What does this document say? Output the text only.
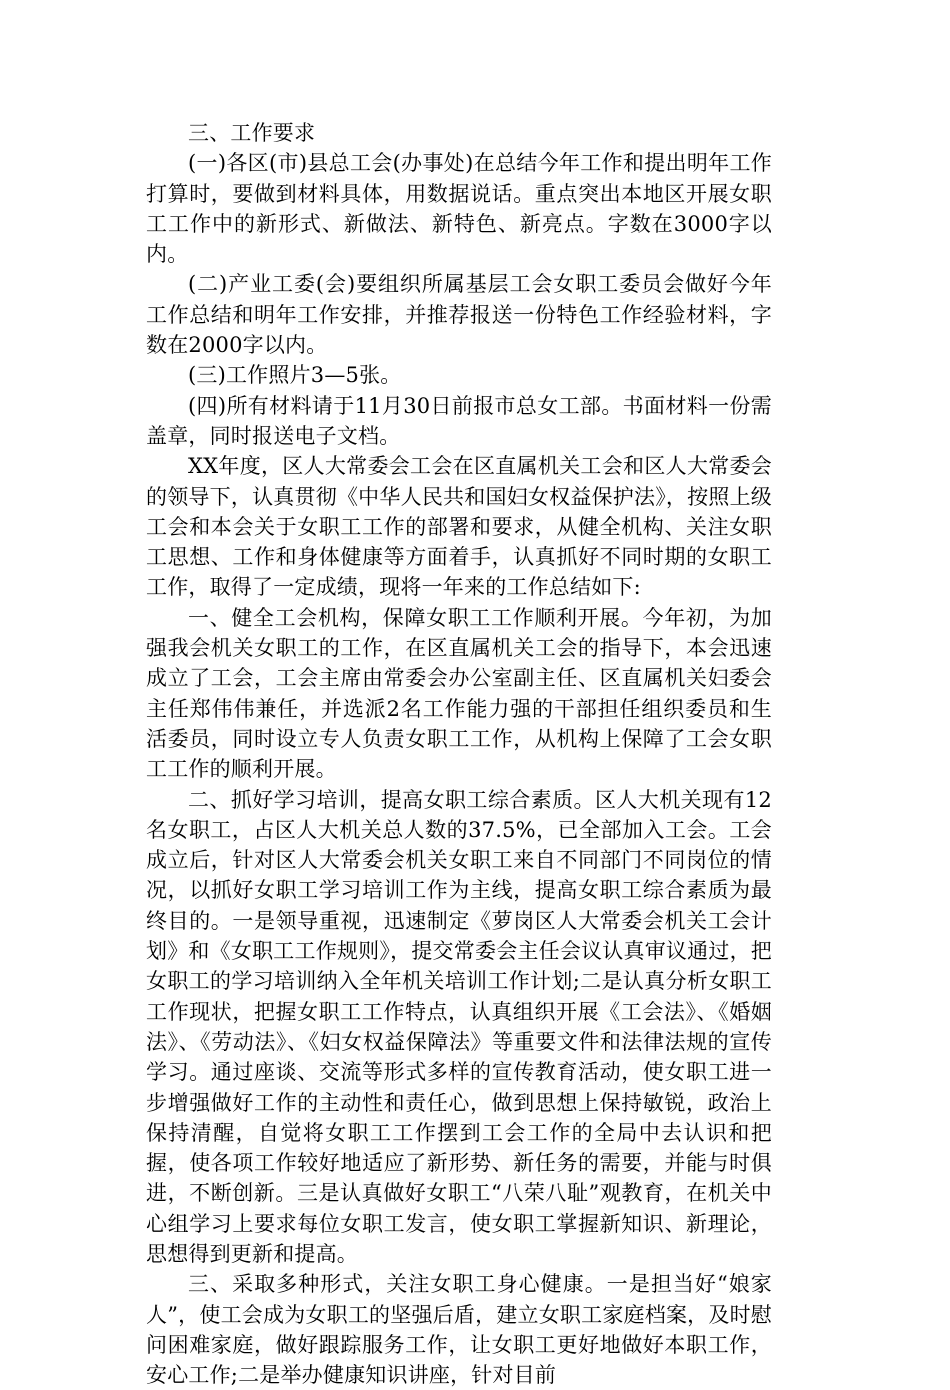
三、工作要求

(一)各区(市)县总工会(办事处)在总结今年工作和提出明年工作打算时，要做到材料具体，用数据说话。重点突出本地区开展女职工工作中的新形式、新做法、新特色、新亮点。字数在3000字以内。

(二)产业工委(会)要组织所属基层工会女职工委员会做好今年工作总结和明年工作安排，并推荐报送一份特色工作经验材料，字数在2000字以内。

(三)工作照片3—5张。

(四)所有材料请于11月30日前报市总女工部。书面材料一份需盖章，同时报送电子文档。

XX年度，区人大常委会工会在区直属机关工会和区人大常委会的领导下，认真贯彻《中华人民共和国妇女权益保护法》，按照上级工会和本会关于女职工工作的部署和要求，从健全机构、关注女职工思想、工作和身体健康等方面着手，认真抓好不同时期的女职工工作，取得了一定成绩，现将一年来的工作总结如下:

一、健全工会机构，保障女职工工作顺利开展。今年初，为加强我会机关女职工的工作，在区直属机关工会的指导下，本会迅速成立了工会，工会主席由常委会办公室副主任、区直属机关妇委会主任郑伟伟兼任，并选派2名工作能力强的干部担任组织委员和生活委员，同时设立专人负责女职工工作，从机构上保障了工会女职工工作的顺利开展。

二、抓好学习培训，提高女职工综合素质。区人大机关现有12名女职工，占区人大机关总人数的37.5%，已全部加入工会。工会成立后，针对区人大常委会机关女职工来自不同部门不同岗位的情况，以抓好女职工学习培训工作为主线，提高女职工综合素质为最终目的。一是领导重视，迅速制定《萝岗区人大常委会机关工会计划》和《女职工工作规则》，提交常委会主任会议认真审议通过，把女职工的学习培训纳入全年机关培训工作计划;二是认真分析女职工工作现状，把握女职工工作特点，认真组织开展《工会法》、《婚姻法》、《劳动法》、《妇女权益保障法》等重要文件和法律法规的宣传学习。通过座谈、交流等形式多样的宣传教育活动，使女职工进一步增强做好工作的主动性和责任心，做到思想上保持敏锐，政治上保持清醒，自觉将女职工工作摆到工会工作的全局中去认识和把握，使各项工作较好地适应了新形势、新任务的需要，并能与时俱进，不断创新。三是认真做好女职工“八荣八耻”观教育，在机关中心组学习上要求每位女职工发言，使女职工掌握新知识、新理论，思想得到更新和提高。

三、采取多种形式，关注女职工身心健康。一是担当好“娘家人”，使工会成为女职工的坚强后盾，建立女职工家庭档案，及时慰问困难家庭，做好跟踪服务工作，让女职工更好地做好本职工作，安心工作;二是举办健康知识讲座，针对目前
